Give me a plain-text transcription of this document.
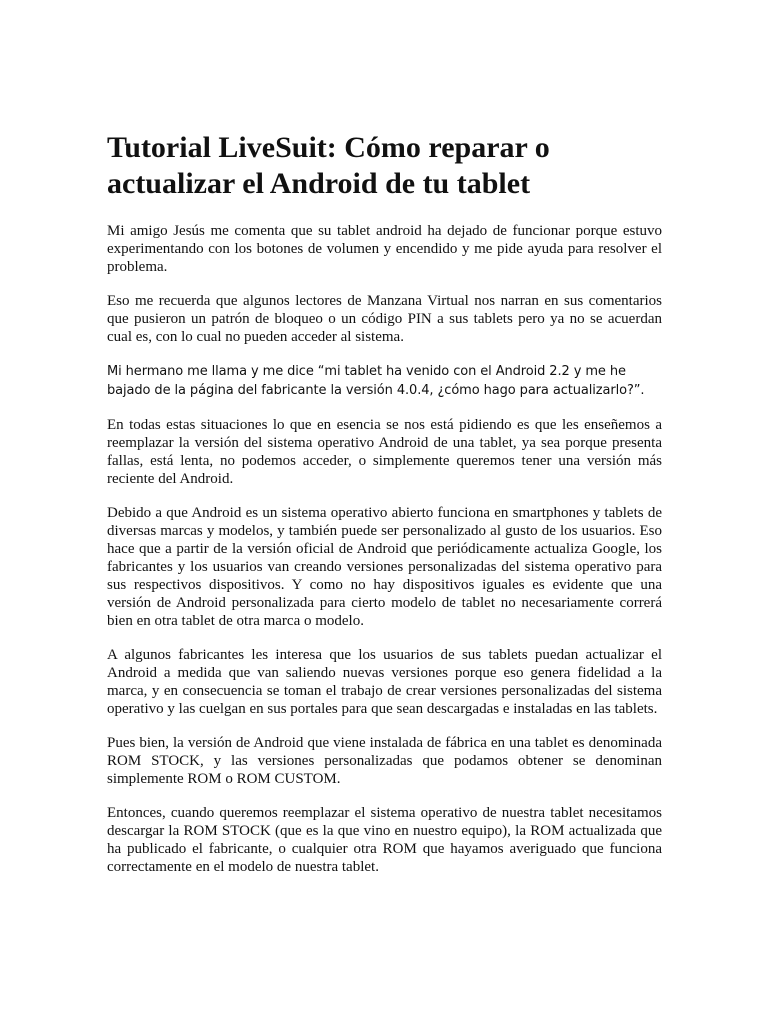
Tutorial LiveSuit: Cómo reparar o actualizar el Android de tu tablet

Mi amigo Jesús me comenta que su tablet android ha dejado de funcionar porque estuvo experimentando con los botones de volumen y encendido y me pide ayuda para resolver el problema.

Eso me recuerda que algunos lectores de Manzana Virtual nos narran en sus comentarios que pusieron un patrón de bloqueo o un código PIN a sus tablets pero ya no se acuerdan cual es, con lo cual no pueden acceder al sistema.

Mi hermano me llama y me dice “mi tablet ha venido con el Android 2.2 y me he bajado de la página del fabricante la versión 4.0.4, ¿cómo hago para actualizarlo?”.

En todas estas situaciones lo que en esencia se nos está pidiendo es que les enseñemos a reemplazar la versión del sistema operativo Android de una tablet, ya sea porque presenta fallas, está lenta, no podemos acceder, o simplemente queremos tener una versión más reciente del Android.

Debido a que Android es un sistema operativo abierto funciona en smartphones y tablets de diversas marcas y modelos, y también puede ser personalizado al gusto de los usuarios. Eso hace que a partir de la versión oficial de Android que periódicamente actualiza Google, los fabricantes y los usuarios van creando versiones personalizadas del sistema operativo para sus respectivos dispositivos. Y como no hay dispositivos iguales es evidente que una versión de Android personalizada para cierto modelo de tablet no necesariamente correrá bien en otra tablet de otra marca o modelo.

A algunos fabricantes les interesa que los usuarios de sus tablets puedan actualizar el Android a medida que van saliendo nuevas versiones porque eso genera fidelidad a la marca, y en consecuencia se toman el trabajo de crear versiones personalizadas del sistema operativo y las cuelgan en sus portales para que sean descargadas e instaladas en las tablets.

Pues bien, la versión de Android que viene instalada de fábrica en una tablet es denominada ROM STOCK, y las versiones personalizadas que podamos obtener se denominan simplemente ROM o ROM CUSTOM.

Entonces, cuando queremos reemplazar el sistema operativo de nuestra tablet necesitamos descargar la ROM STOCK (que es la que vino en nuestro equipo), la ROM actualizada que ha publicado el fabricante, o cualquier otra ROM que hayamos averiguado que funciona correctamente en el modelo de nuestra tablet.
